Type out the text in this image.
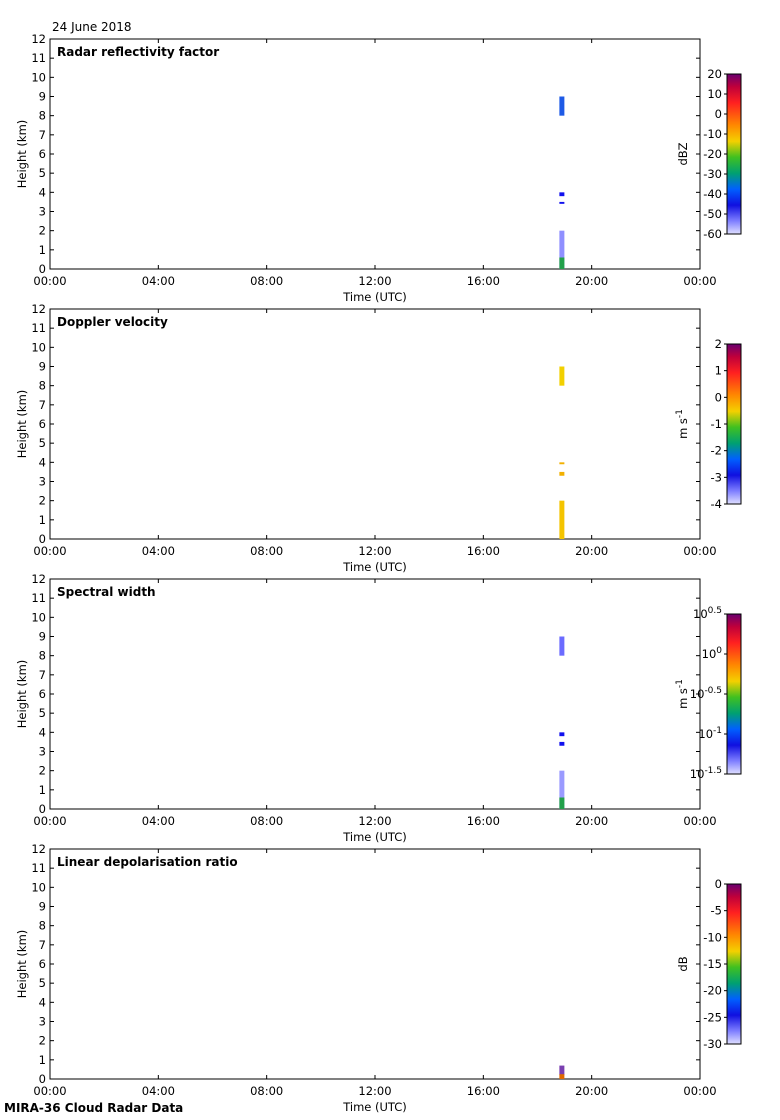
24 June 2018
0
1
2
3
4
5
6
7
8
9
10
11
12
00:00	04:00	08:00	12:00	16:00	20:00	00:00
Radar reflectivity factor
Time (UTC)
Height (km)
20
10
0
-10
-20
-30
-40
-50
-60
dBZ
0
1
2
3
4
5
6
7
8
9
10
11
12
00:00	04:00	08:00	12:00	16:00	20:00	00:00
Doppler velocity
Time (UTC)
Height (km)
2
1
0
-1
-2
-3
-4
m $s^{-1}$
0
1
2
3
4
5
6
7
8
9
10
11
12
00:00	04:00	08:00	12:00	16:00	20:00	00:00
Spectral width
Time (UTC)
Height (km)
$10^{0.5}$
$10^0$
$10^{-0.5}$
$10^{-1}$
$10^{-1.5}$
m $s^{-1}$
0
1
2
3
4
5
6
7
8
9
10
11
12
00:00	04:00	08:00	12:00	16:00	20:00	00:00
Linear depolarisation ratio
Time (UTC)
Height (km)
0
-5
-10
-15
-20
-25
-30
dB
MIRA-36 Cloud Radar Data
